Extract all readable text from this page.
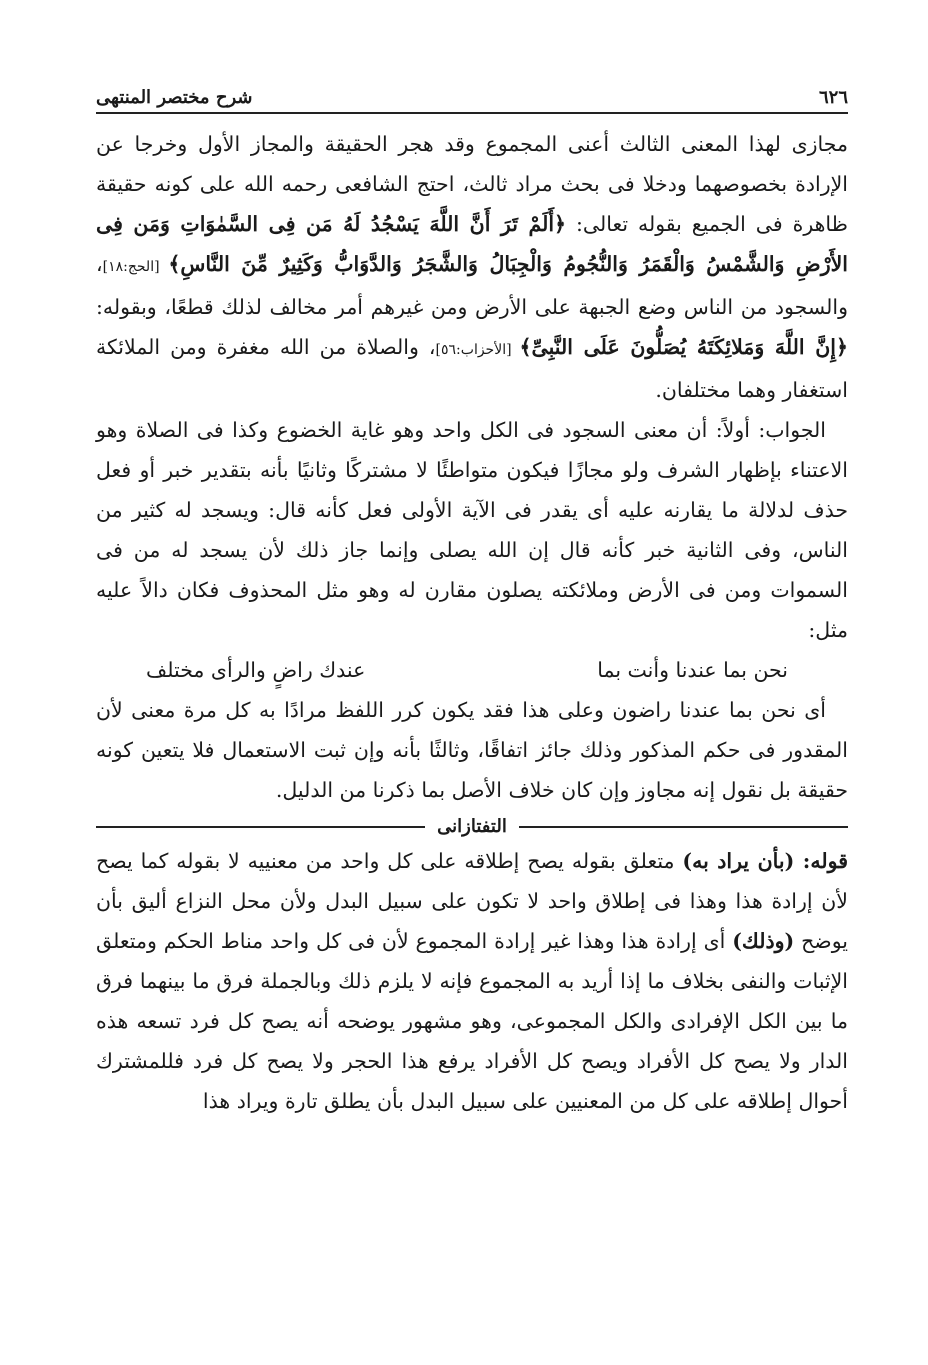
٦٢٦
شرح مختصر المنتهى

مجازى لهذا المعنى الثالث أعنى المجموع وقد هجر الحقيقة والمجاز الأول وخرجا عن الإرادة بخصوصهما ودخلا فى بحث مراد ثالث، احتج الشافعى رحمه الله على كونه حقيقة ظاهرة فى الجميع بقوله تعالى: ﴿أَلَمْ تَرَ أَنَّ اللَّهَ يَسْجُدُ لَهُ مَن فِى السَّمٰوَاتِ وَمَن فِى الأَرْضِ وَالشَّمْسُ وَالْقَمَرُ وَالنُّجُومُ وَالْجِبَالُ وَالشَّجَرُ وَالدَّوَابُّ وَكَثِيرٌ مِّنَ النَّاسِ﴾ [الحج:١٨]، والسجود من الناس وضع الجبهة على الأرض ومن غيرهم أمر مخالف لذلك قطعًا، وبقوله: ﴿إِنَّ اللَّهَ وَمَلائِكَتَهُ يُصَلُّونَ عَلَى النَّبِىِّ﴾ [الأحزاب:٥٦]، والصلاة من الله مغفرة ومن الملائكة استغفار وهما مختلفان.

الجواب: أولاً: أن معنى السجود فى الكل واحد وهو غاية الخضوع وكذا فى الصلاة وهو الاعتناء بإظهار الشرف ولو مجازًا فيكون متواطئًا لا مشتركًا وثانيًا بأنه بتقدير خبر أو فعل حذف لدلالة ما يقارنه عليه أى يقدر فى الآية الأولى فعل كأنه قال: ويسجد له كثير من الناس، وفى الثانية خبر كأنه قال إن الله يصلى وإنما جاز ذلك لأن يسجد له من فى السموات ومن فى الأرض وملائكته يصلون مقارن له وهو مثل المحذوف فكان دالاً عليه مثل:

نحن بما عندنا وأنت بما
عندك راضٍ والرأى مختلف

أى نحن بما عندنا راضون وعلى هذا فقد يكون كرر اللفظ مرادًا به كل مرة معنى لأن المقدور فى حكم المذكور وذلك جائز اتفاقًا، وثالثًا بأنه وإن ثبت الاستعمال فلا يتعين كونه حقيقة بل نقول إنه مجاوز وإن كان خلاف الأصل بما ذكرنا من الدليل.

التفتازانى

قوله: (بأن يراد به) متعلق بقوله يصح إطلاقه على كل واحد من معنييه لا بقوله كما يصح لأن إرادة هذا وهذا فى إطلاق واحد لا تكون على سبيل البدل ولأن محل النزاع أليق بأن يوضح (وذلك) أى إرادة هذا وهذا غير إرادة المجموع لأن فى كل واحد مناط الحكم ومتعلق الإثبات والنفى بخلاف ما إذا أريد به المجموع فإنه لا يلزم ذلك وبالجملة فرق ما بينهما فرق ما بين الكل الإفرادى والكل المجموعى، وهو مشهور يوضحه أنه يصح كل فرد تسعه هذه الدار ولا يصح كل الأفراد ويصح كل الأفراد يرفع هذا الحجر ولا يصح كل فرد فللمشترك أحوال إطلاقه على كل من المعنيين على سبيل البدل بأن يطلق تارة ويراد هذا
